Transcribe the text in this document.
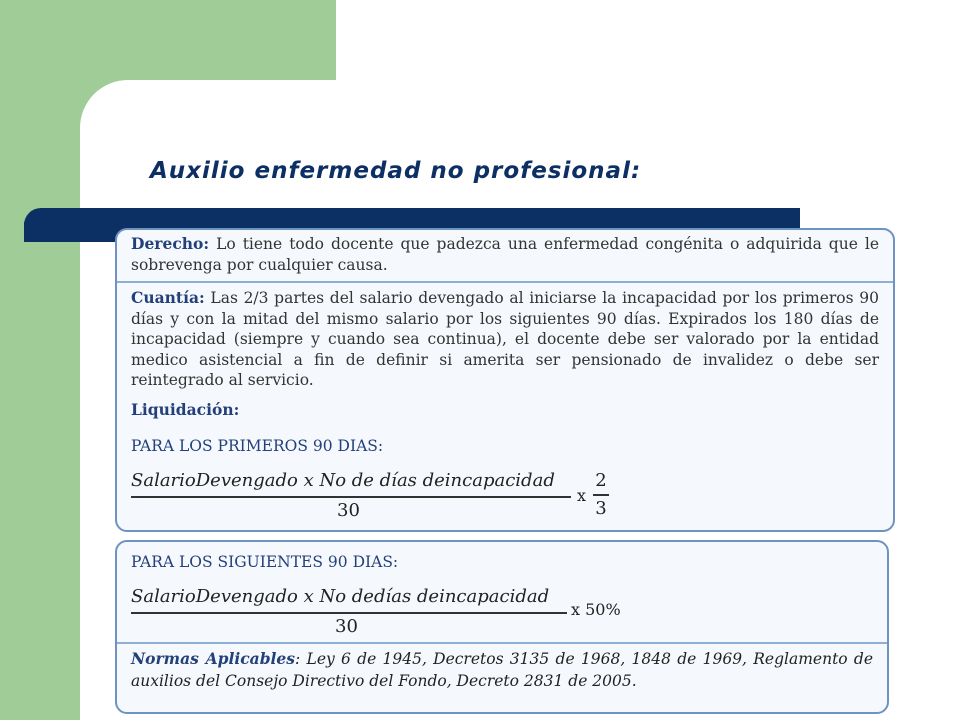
Auxilio enfermedad no profesional:
Derecho: Lo tiene todo docente que padezca una enfermedad congénita o adquirida que le sobrevenga por cualquier causa.
Cuantía: Las 2/3 partes del salario devengado al iniciarse la incapacidad por los primeros 90 días y con la mitad del mismo salario por los siguientes 90 días. Expirados los 180 días de incapacidad (siempre y cuando sea continua), el docente debe ser valorado por la entidad medico asistencial a fin de definir si amerita ser pensionado de invalidez o debe ser reintegrado al servicio.
Liquidación:
PARA LOS PRIMEROS 90 DIAS:
SalarioDevengado x No de días deincapacidad
30
x
2
3
PARA LOS SIGUIENTES 90 DIAS:
SalarioDevengado x No dedías deincapacidad
30
x 50%
Normas Aplicables: Ley 6 de 1945, Decretos 3135 de 1968, 1848 de 1969, Reglamento de auxilios del Consejo Directivo del Fondo, Decreto 2831 de 2005.
